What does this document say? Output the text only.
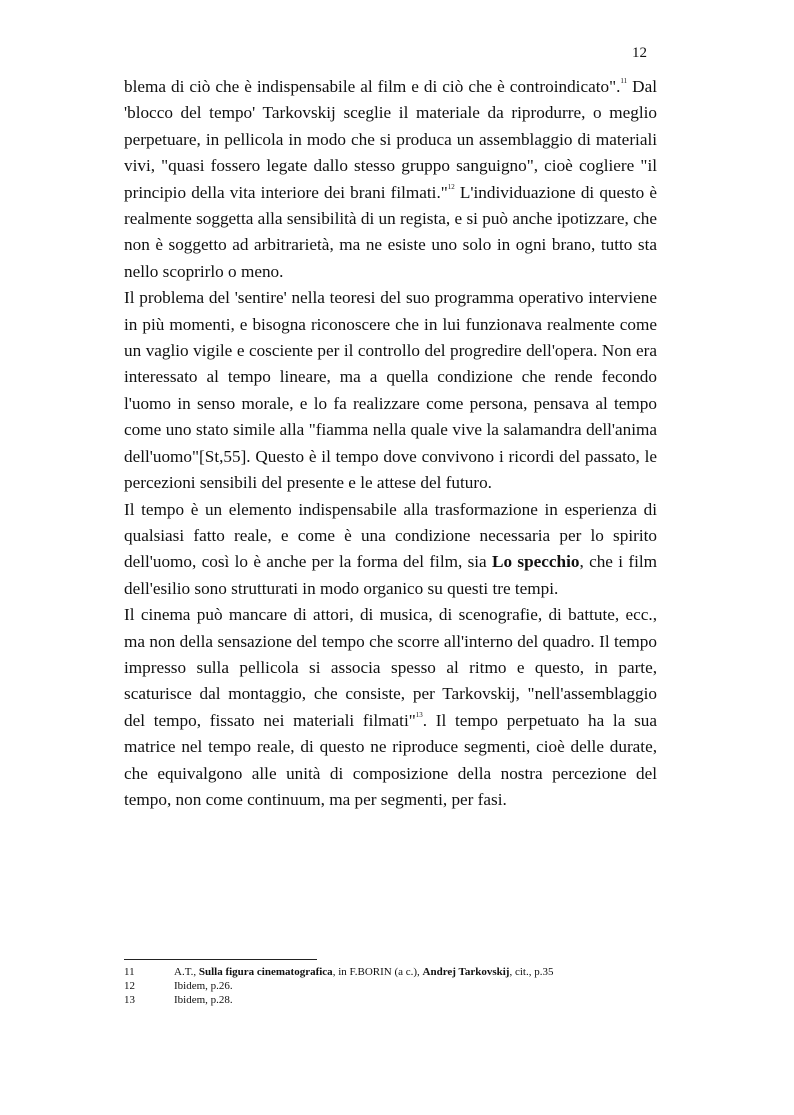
12

blema di ciò che è indispensabile al film e di ciò che è controindicato".$^{11}$ Dal 'blocco del tempo' Tarkovskij sceglie il materiale da riprodurre, o meglio perpetuare, in pellicola in modo che si produca un assemblaggio di materiali vivi, "quasi fossero legate dallo stesso gruppo sanguigno", cioè cogliere "il principio della vita interiore dei brani filmati."$^{12}$ L'individuazione di questo è realmente soggetta alla sensibilità di un regista, e si può anche ipotizzare, che non è soggetto ad arbitrarietà, ma ne esiste uno solo in ogni brano, tutto sta nello scoprirlo o meno.

Il problema del 'sentire' nella teoresi del suo programma operativo interviene in più momenti, e bisogna riconoscere che in lui funzionava realmente come un vaglio vigile e cosciente per il controllo del progredire dell'opera. Non era interessato al tempo lineare, ma a quella condizione che rende fecondo l'uomo in senso morale, e lo fa realizzare come persona, pensava al tempo come uno stato simile alla "fiamma nella quale vive la salamandra dell'anima dell'uomo"[St,55]. Questo è il tempo dove convivono i ricordi del passato, le percezioni sensibili del presente e le attese del futuro.

Il tempo è un elemento indispensabile alla trasformazione in esperienza di qualsiasi fatto reale, e come è una condizione necessaria per lo spirito dell'uomo, così lo è anche per la forma del film, sia Lo specchio, che i film dell'esilio sono strutturati in modo organico su questi tre tempi.

Il cinema può mancare di attori, di musica, di scenografie, di battute, ecc., ma non della sensazione del tempo che scorre all'interno del quadro. Il tempo impresso sulla pellicola si associa spesso al ritmo e questo, in parte, scaturisce dal montaggio, che consiste, per Tarkovskij, "nell'assemblaggio del tempo, fissato nei materiali filmati"$^{13}$. Il tempo perpetuato ha la sua matrice nel tempo reale, di questo ne riproduce segmenti, cioè delle durate, che equivalgono alle unità di composizione della nostra percezione del tempo, non come continuum, ma per segmenti, per fasi.

11	A.T., Sulla figura cinematografica, in F.BORIN (a c.), Andrej Tarkovskij, cit., p.35
12	Ibidem, p.26.
13	Ibidem, p.28.
